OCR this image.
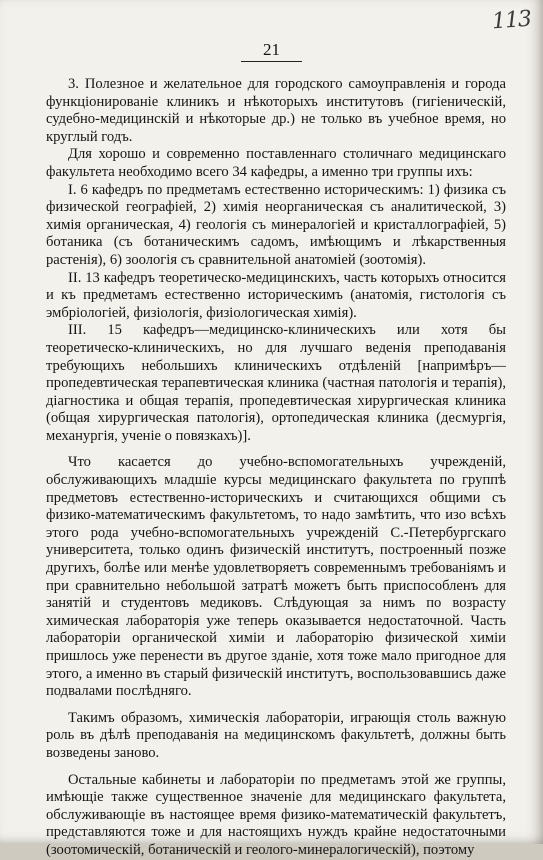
113
21

3. Полезное и желательное для городского самоуправленія и города функціонированіе клиникъ и нѣкоторыхъ институтовъ (гигіеническій, судебно-медицинскій и нѣкоторые др.) не только въ учебное время, но круглый годъ.

Для хорошо и современно поставленнаго столичнаго медицинскаго факультета необходимо всего 34 кафедры, а именно три группы ихъ:

I. 6 кафедръ по предметамъ естественно историческимъ: 1) физика съ физической географіей, 2) химія неорганическая съ аналитической, 3) химія органическая, 4) геологія съ минералогіей и кристаллографіей, 5) ботаника (съ ботаническимъ садомъ, имѣющимъ и лѣкарственныя растенія), 6) зоологія съ сравнительной анатоміей (зоотомія).

II. 13 кафедръ теоретическо-медицинскихъ, часть которыхъ относится и къ предметамъ естественно историческимъ (анатомія, гистологія съ эмбріологіей, физіологія, физіологическая химія).

III. 15 кафедръ—медицинско-клиническихъ или хотя бы теоретическо-клиническихъ, но для лучшаго веденія преподаванія требующихъ небольшихъ клиническихъ отдѣленій [напримѣръ—пропедевтическая терапевтическая клиника (частная патологія и терапія), діагностика и общая терапія, пропедевтическая хирургическая клиника (общая хирургическая патологія), ортопедическая клиника (десмургія, механургія, ученіе о повязкахъ)].

Что касается до учебно-вспомогательныхъ учрежденій, обслуживающихъ младшіе курсы медицинскаго факультета по группѣ предметовъ естественно-историческихъ и считающихся общими съ физико-математическимъ факультетомъ, то надо замѣтить, что изо всѣхъ этого рода учебно-вспомогательныхъ учрежденій С.-Петербургскаго университета, только одинъ физическій институтъ, построенный позже другихъ, болѣе или менѣе удовлетворяетъ современнымъ требованіямъ и при сравнительно небольшой затратѣ можетъ быть приспособленъ для занятій и студентовъ медиковъ. Слѣдующая за нимъ по возрасту химическая лабораторія уже теперь оказывается недостаточной. Часть лабораторіи органической химіи и лабораторію физической химіи пришлось уже перенести въ другое зданіе, хотя тоже мало пригодное для этого, а именно въ старый физическій институтъ, воспользовавшись даже подвалами послѣдняго.

Такимъ образомъ, химическія лабораторіи, играющія столь важную роль въ дѣлѣ преподаванія на медицинскомъ факультетѣ, должны быть возведены заново.

Остальные кабинеты и лабораторіи по предметамъ этой же группы, имѣющіе также существенное значеніе для медицинскаго факультета, обслуживающіе въ настоящее время физико-математическій факультетъ, представляются тоже и для настоящихъ нуждъ крайне недостаточными (зоотомическій, ботаническій и геолого-минералогическій), поэтому
